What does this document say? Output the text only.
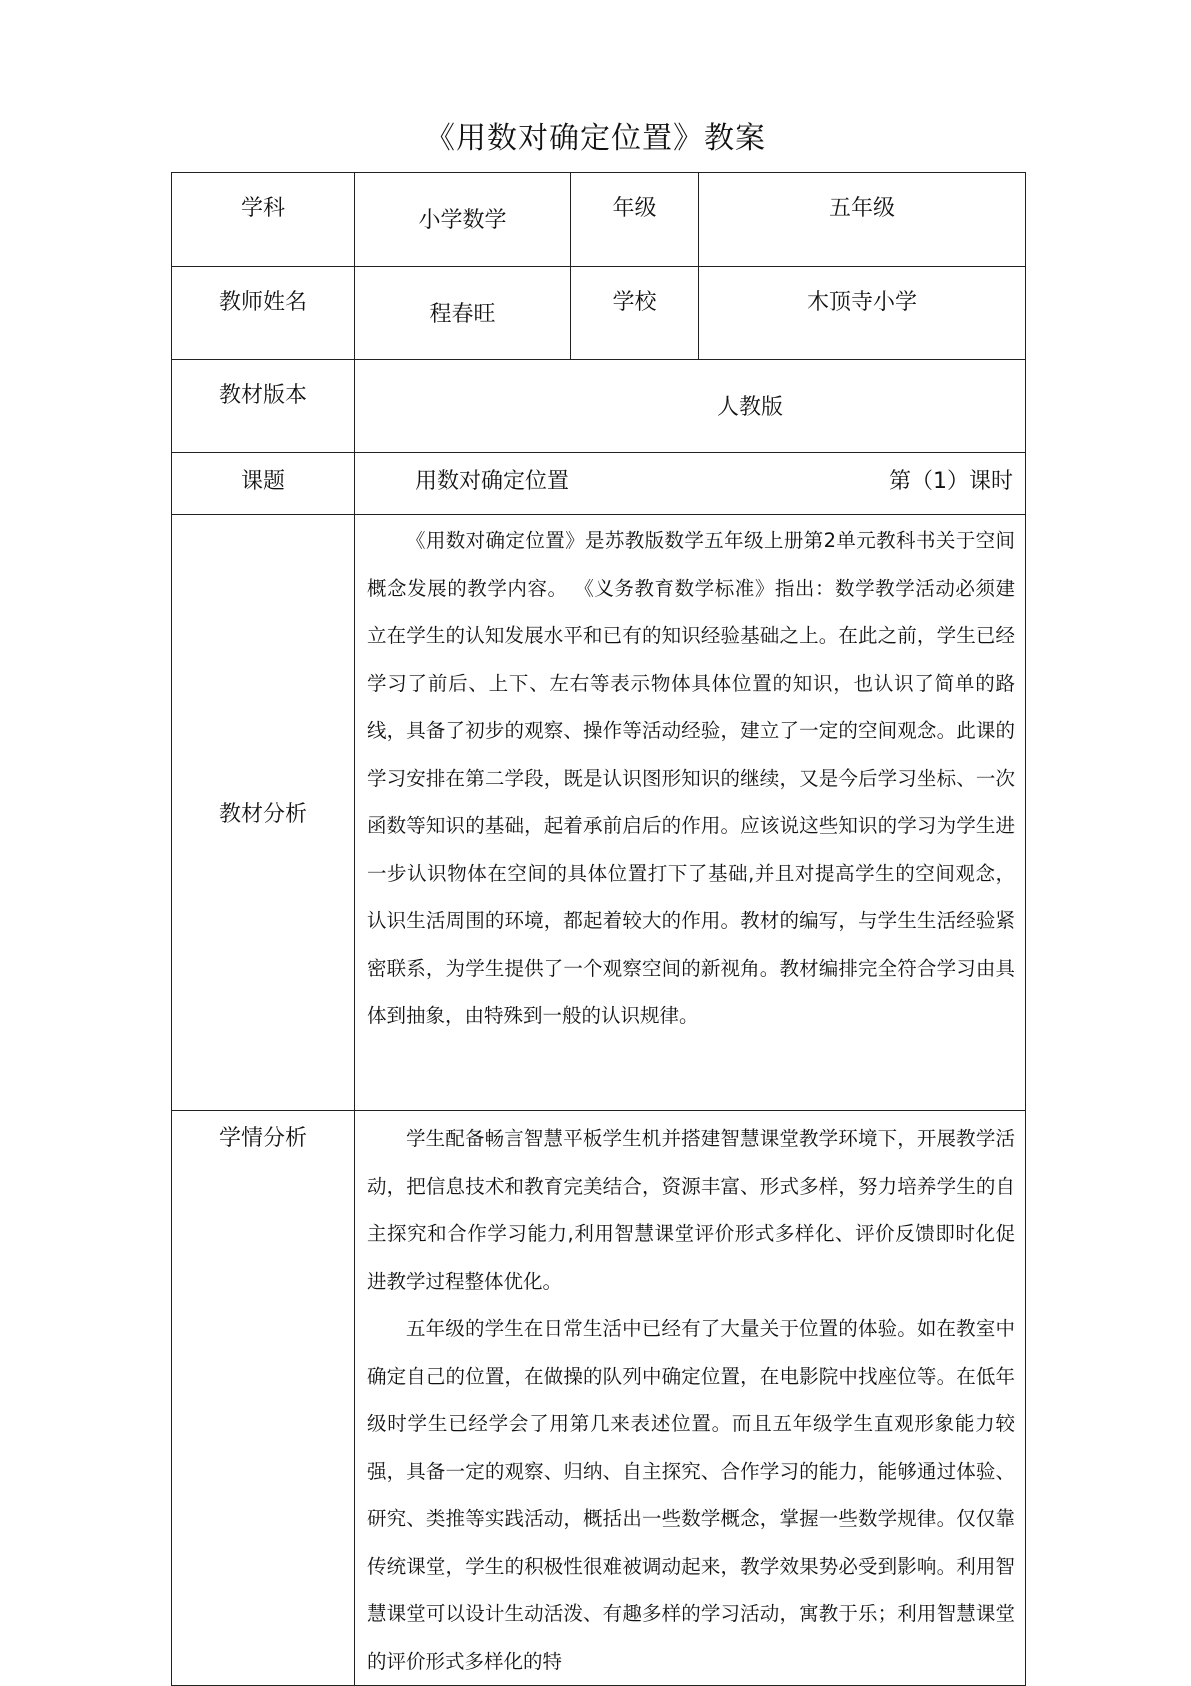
《用数对确定位置》教案
学科	小学数学	年级	五年级
教师姓名	程春旺	学校	木顶寺小学
教材版本	人教版		
课题	用数对确定位置 第（1）课时		

教材分析	《用数对确定位置》是苏教版数学五年级上册第2单元教科书关于空间概念发展的教学内容。 《义务教育数学标准》指出：数学教学活动必须建立在学生的认知发展水平和已有的知识经验基础之上。在此之前，学生已经学习了前后、上下、左右等表示物体具体位置的知识，也认识了简单的路线，具备了初步的观察、操作等活动经验，建立了一定的空间观念。此课的学习安排在第二学段，既是认识图形知识的继续，又是今后学习坐标、一次函数等知识的基础，起着承前启后的作用。应该说这些知识的学习为学生进一步认识物体在空间的具体位置打下了基础,并且对提高学生的空间观念，认识生活周围的环境，都起着较大的作用。教材的编写，与学生生活经验紧密联系，为学生提供了一个观察空间的新视角。教材编排完全符合学习由具体到抽象，由特殊到一般的认识规律。		

学情分析	学生配备畅言智慧平板学生机并搭建智慧课堂教学环境下，开展教学活动，把信息技术和教育完美结合，资源丰富、形式多样，努力培养学生的自主探究和合作学习能力,利用智慧课堂评价形式多样化、评价反馈即时化促进教学过程整体优化。

五年级的学生在日常生活中已经有了大量关于位置的体验。如在教室中确定自己的位置，在做操的队列中确定位置，在电影院中找座位等。在低年级时学生已经学会了用第几来表述位置。而且五年级学生直观形象能力较强，具备一定的观察、归纳、自主探究、合作学习的能力，能够通过体验、研究、类推等实践活动，概括出一些数学概念，掌握一些数学规律。仅仅靠传统课堂，学生的积极性很难被调动起来，教学效果势必受到影响。利用智慧课堂可以设计生动活泼、有趣多样的学习活动，寓教于乐；利用智慧课堂的评价形式多样化的特		
